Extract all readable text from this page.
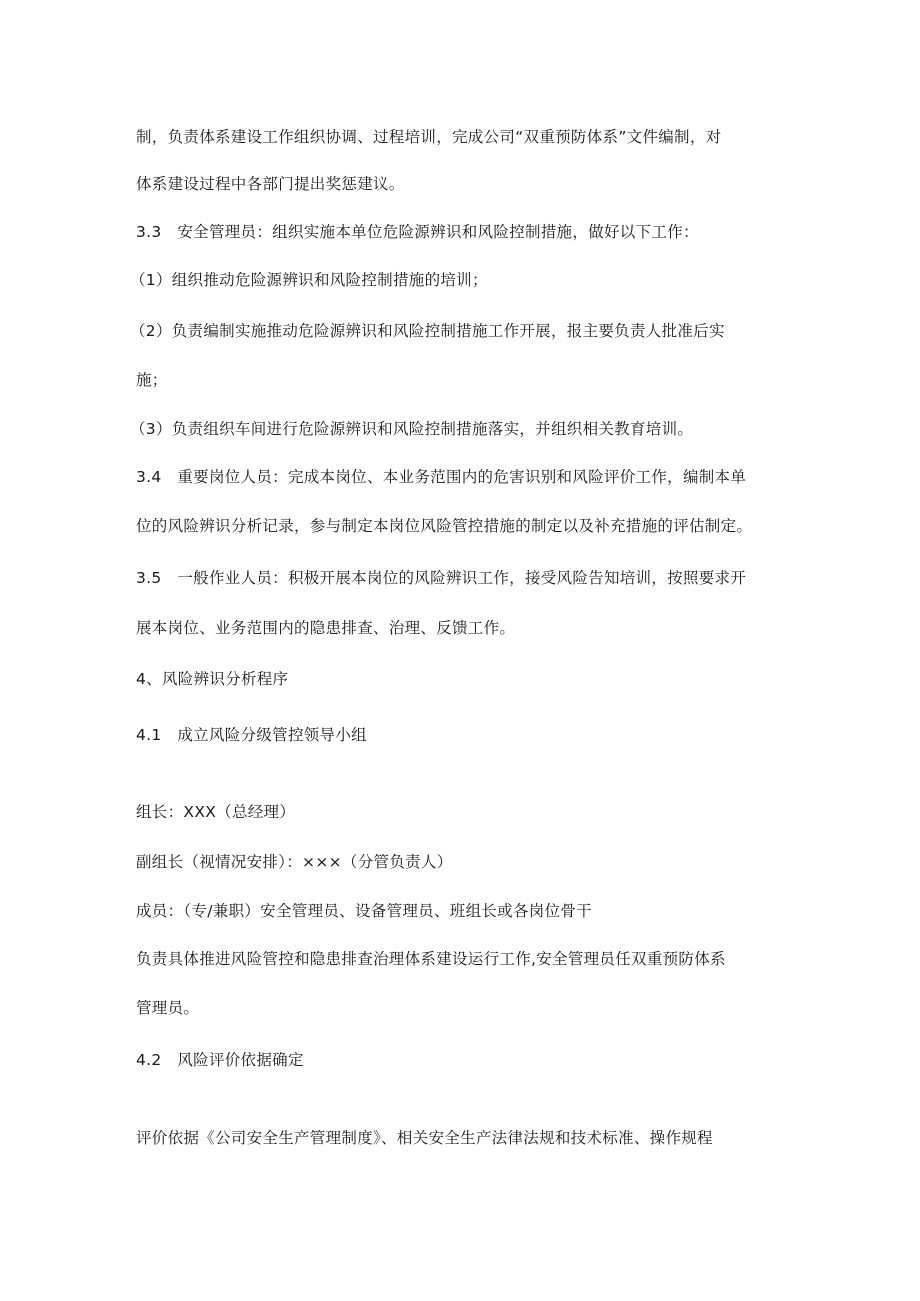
制，负责体系建设工作组织协调、过程培训，完成公司“双重预防体系”文件编制，对
体系建设过程中各部门提出奖惩建议。
3.3　安全管理员：组织实施本单位危险源辨识和风险控制措施，做好以下工作：
（1）组织推动危险源辨识和风险控制措施的培训；
（2）负责编制实施推动危险源辨识和风险控制措施工作开展，报主要负责人批准后实
施；
（3）负责组织车间进行危险源辨识和风险控制措施落实，并组织相关教育培训。
3.4　重要岗位人员：完成本岗位、本业务范围内的危害识别和风险评价工作，编制本单
位的风险辨识分析记录，参与制定本岗位风险管控措施的制定以及补充措施的评估制定。
3.5　一般作业人员：积极开展本岗位的风险辨识工作，接受风险告知培训，按照要求开
展本岗位、业务范围内的隐患排查、治理、反馈工作。
4、风险辨识分析程序
4.1　成立风险分级管控领导小组
组长：XXX（总经理）
副组长（视情况安排）：×××（分管负责人）
成员：（专/兼职）安全管理员、设备管理员、班组长或各岗位骨干
负责具体推进风险管控和隐患排查治理体系建设运行工作,安全管理员任双重预防体系
管理员。
4.2　风险评价依据确定
评价依据《公司安全生产管理制度》、相关安全生产法律法规和技术标准、操作规程
